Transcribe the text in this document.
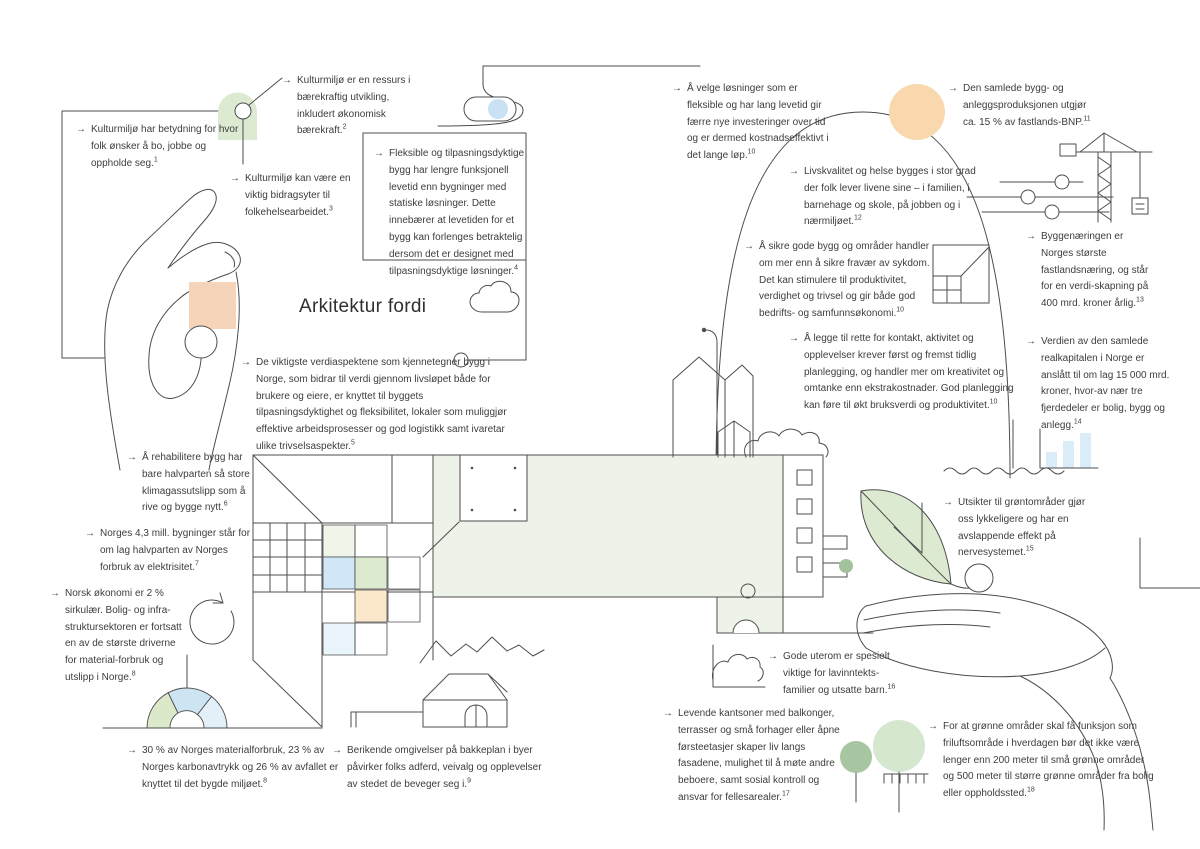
Arkitektur fordi
→ Kulturmiljø har betydning for hvor folk ønsker å bo, jobbe og oppholde seg.$^1$
→ Kulturmiljø er en ressurs i bærekraftig utvikling, inkludert økonomisk bærekraft.$^2$
→ Kulturmiljø kan være en viktig bidragsyter til folkehelsearbeidet.$^3$
→ Fleksible og tilpasningsdyktige bygg har lengre funksjonell levetid enn bygninger med statiske løsninger. Dette innebærer at levetiden for et bygg kan forlenges betraktelig dersom det er designet med tilpasningsdyktige løsninger.$^4$
→ De viktigste verdiaspektene som kjennetegner bygg i Norge, som bidrar til verdi gjennom livsløpet både for brukere og eiere, er knyttet til byggets tilpasningsdyktighet og fleksibilitet, lokaler som muliggjør effektive arbeidsprosesser og god logistikk samt ivaretar ulike trivselsaspekter.$^5$
→ Å rehabilitere bygg har bare halvparten så store klimagassutslipp som å rive og bygge nytt.$^6$
→ Norges 4,3 mill. bygninger står for om lag halvparten av Norges forbruk av elektrisitet.$^7$
→ Norsk økonomi er 2 % sirkulær. Bolig- og infra-struktursektoren er fortsatt en av de største driverne for material-forbruk og utslipp i Norge.$^8$
→ 30 % av Norges materialforbruk, 23 % av Norges karbonavtrykk og 26 % av avfallet er knyttet til det bygde miljøet.$^8$
→ Berikende omgivelser på bakkeplan i byer påvirker folks adferd, veivalg og opplevelser av stedet de beveger seg i.$^9$
→ Å velge løsninger som er fleksible og har lang levetid gir færre nye investeringer over tid og er dermed kostnadseffektivt i det lange løp.$^{10}$
→ Den samlede bygg- og anleggsproduksjonen utgjør ca. 15 % av fastlands-BNP.$^{11}$
→ Livskvalitet og helse bygges i stor grad der folk lever livene sine – i familien, i barnehage og skole, på jobben og i nærmiljøet.$^{12}$
→ Å sikre gode bygg og områder handler om mer enn å sikre fravær av sykdom. Det kan stimulere til produktivitet, verdighet og trivsel og gir både god bedrifts- og samfunnsøkonomi.$^{10}$
→ Byggenæringen er Norges største fastlandsnæring, og står for en verdi-skapning på 400 mrd. kroner årlig.$^{13}$
→ Å legge til rette for kontakt, aktivitet og opplevelser krever først og fremst tidlig planlegging, og handler mer om kreativitet og omtanke enn ekstrakostnader. God planlegging kan føre til økt bruksverdi og produktivitet.$^{10}$
→ Verdien av den samlede realkapitalen i Norge er anslått til om lag 15 000 mrd. kroner, hvor-av nær tre fjerdedeler er bolig, bygg og anlegg.$^{14}$
→ Utsikter til grøntområder gjør oss lykkeligere og har en avslappende effekt på nervesystemet.$^{15}$
→ Gode uterom er spesielt viktige for lavinntekts-familier og utsatte barn.$^{16}$
→ Levende kantsoner med balkonger, terrasser og små forhager eller åpne førsteetasjer skaper liv langs fasadene, mulighet til å møte andre beboere, samt sosial kontroll og ansvar for fellesarealer.$^{17}$
→ For at grønne områder skal få funksjon som friluftsområde i hverdagen bør det ikke være lenger enn 200 meter til små grønne områder og 500 meter til større grønne områder fra bolig eller oppholdssted.$^{18}$
